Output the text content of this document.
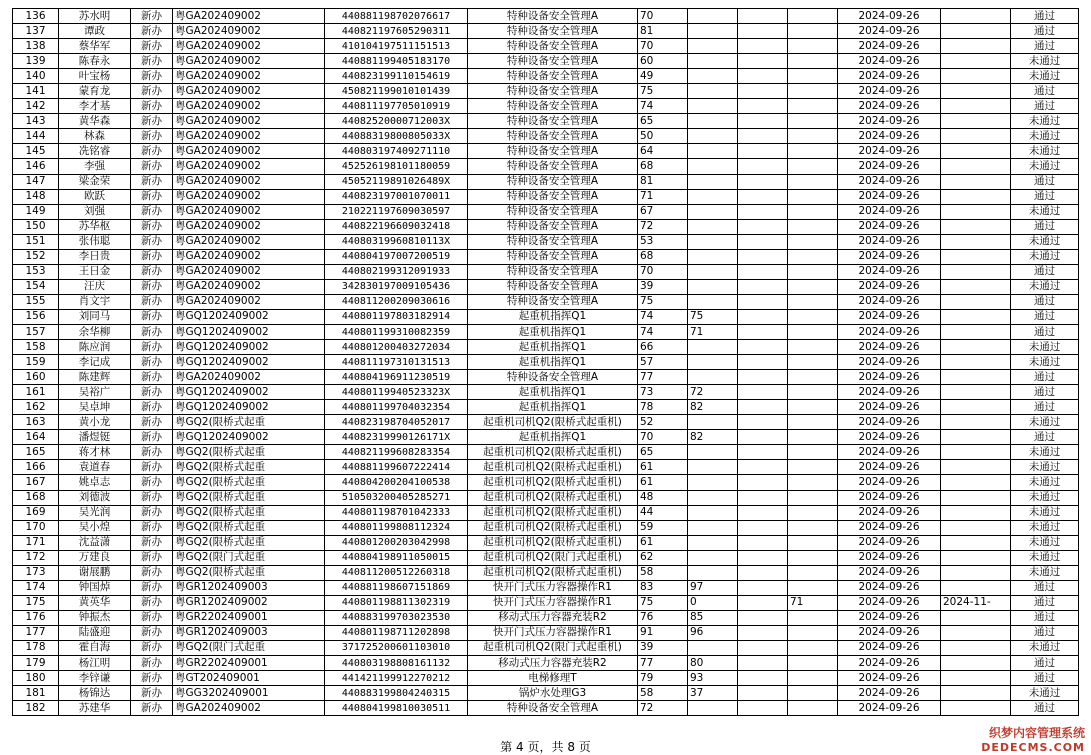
136	苏水明	新办	粤GA202409002	440881198702076617	特种设备安全管理A	70				2024-09-26		通过
137	谭政	新办	粤GA202409002	440821197605290311	特种设备安全管理A	81				2024-09-26		通过
138	蔡华军	新办	粤GA202409002	410104197511151513	特种设备安全管理A	70				2024-09-26		通过
139	陈春永	新办	粤GA202409002	440881199405183170	特种设备安全管理A	60				2024-09-26		未通过
140	叶宝杨	新办	粤GA202409002	440823199110154619	特种设备安全管理A	49				2024-09-26		未通过
141	蒙育龙	新办	粤GA202409002	450821199010101439	特种设备安全管理A	75				2024-09-26		通过
142	李才基	新办	粤GA202409002	440811197705010919	特种设备安全管理A	74				2024-09-26		通过
143	黄华森	新办	粤GA202409002	44082520000712003X	特种设备安全管理A	65				2024-09-26		未通过
144	林森	新办	粤GA202409002	44088319800805033X	特种设备安全管理A	50				2024-09-26		未通过
145	冼铭睿	新办	粤GA202409002	440803197409271110	特种设备安全管理A	64				2024-09-26		未通过
146	李强	新办	粤GA202409002	452526198101180059	特种设备安全管理A	68				2024-09-26		未通过
147	梁金荣	新办	粤GA202409002	45052119891026489X	特种设备安全管理A	81				2024-09-26		通过
148	欧跃	新办	粤GA202409002	440823197001070011	特种设备安全管理A	71				2024-09-26		通过
149	刘强	新办	粤GA202409002	210221197609030597	特种设备安全管理A	67				2024-09-26		未通过
150	苏华枢	新办	粤GA202409002	440822196609032418	特种设备安全管理A	72				2024-09-26		通过
151	张伟聪	新办	粤GA202409002	44080319960810113X	特种设备安全管理A	53				2024-09-26		未通过
152	李日贵	新办	粤GA202409002	440804197007200519	特种设备安全管理A	68				2024-09-26		未通过
153	王日金	新办	粤GA202409002	440802199312091933	特种设备安全管理A	70				2024-09-26		通过
154	汪庆	新办	粤GA202409002	342830197009105436	特种设备安全管理A	39				2024-09-26		未通过
155	肖文宇	新办	粤GA202409002	440811200209030616	特种设备安全管理A	75				2024-09-26		通过
156	刘同马	新办	粤GQ1202409002	440801197803182914	起重机指挥Q1	74	75			2024-09-26		通过
157	余华柳	新办	粤GQ1202409002	440801199310082359	起重机指挥Q1	74	71			2024-09-26		通过
158	陈应润	新办	粤GQ1202409002	440801200403272034	起重机指挥Q1	66				2024-09-26		未通过
159	李记成	新办	粤GQ1202409002	440811197310131513	起重机指挥Q1	57				2024-09-26		未通过
160	陈建辉	新办	粤GA202409002	440804196911230519	特种设备安全管理A	77				2024-09-26		通过
161	吴裕广	新办	粤GQ1202409002	44080119940523323X	起重机指挥Q1	73	72			2024-09-26		通过
162	吴卓坤	新办	粤GQ1202409002	440801199704032354	起重机指挥Q1	78	82			2024-09-26		通过
163	黄小龙	新办	粤GQ2(限桥式起重	440823198704052017	起重机司机Q2(限桥式起重机)	52				2024-09-26		未通过
164	潘煜铤	新办	粤GQ1202409002	44082319990126171X	起重机指挥Q1	70	82			2024-09-26		通过
165	蒋才林	新办	粤GQ2(限桥式起重	440821199608283354	起重机司机Q2(限桥式起重机)	65				2024-09-26		未通过
166	袁道春	新办	粤GQ2(限桥式起重	440881199607222414	起重机司机Q2(限桥式起重机)	61				2024-09-26		未通过
167	姚卓志	新办	粤GQ2(限桥式起重	440804200204100538	起重机司机Q2(限桥式起重机)	61				2024-09-26		未通过
168	刘德波	新办	粤GQ2(限桥式起重	510503200405285271	起重机司机Q2(限桥式起重机)	48				2024-09-26		未通过
169	吴光润	新办	粤GQ2(限桥式起重	440801198701042333	起重机司机Q2(限桥式起重机)	44				2024-09-26		未通过
170	吴小煌	新办	粤GQ2(限桥式起重	440801199808112324	起重机司机Q2(限桥式起重机)	59				2024-09-26		未通过
171	沈益潇	新办	粤GQ2(限桥式起重	440801200203042998	起重机司机Q2(限桥式起重机)	61				2024-09-26		未通过
172	万建良	新办	粤GQ2(限门式起重	440804198911050015	起重机司机Q2(限门式起重机)	62				2024-09-26		未通过
173	谢展鹏	新办	粤GQ2(限桥式起重	440811200512260318	起重机司机Q2(限桥式起重机)	58				2024-09-26		未通过
174	钟国焯	新办	粤GR1202409003	440881198607151869	快开门式压力容器操作R1	83	97			2024-09-26		通过
175	黄英华	新办	粤GR1202409002	440801198811302319	快开门式压力容器操作R1	75	0		71	2024-09-26	2024-11-	通过
176	钟振杰	新办	粤GR2202409001	440883199703023530	移动式压力容器充装R2	76	85			2024-09-26		通过
177	陆盛迎	新办	粤GR1202409003	440801198711202898	快开门式压力容器操作R1	91	96			2024-09-26		通过
178	霍自海	新办	粤GQ2(限门式起重	371725200601103010	起重机司机Q2(限门式起重机)	39				2024-09-26		未通过
179	杨江明	新办	粤GR2202409001	440803198808161132	移动式压力容器充装R2	77	80			2024-09-26		通过
180	李锌谦	新办	粤GT202409001	441421199912270212	电梯修理T	79	93			2024-09-26		通过
181	杨锦达	新办	粤GG3202409001	440883199804240315	锅炉水处理G3	58	37			2024-09-26		未通过
182	苏建华	新办	粤GA202409002	440804199810030511	特种设备安全管理A	72				2024-09-26		通过
第 4 页，共 8 页
织梦内容管理系统
DEDECMS.COM
